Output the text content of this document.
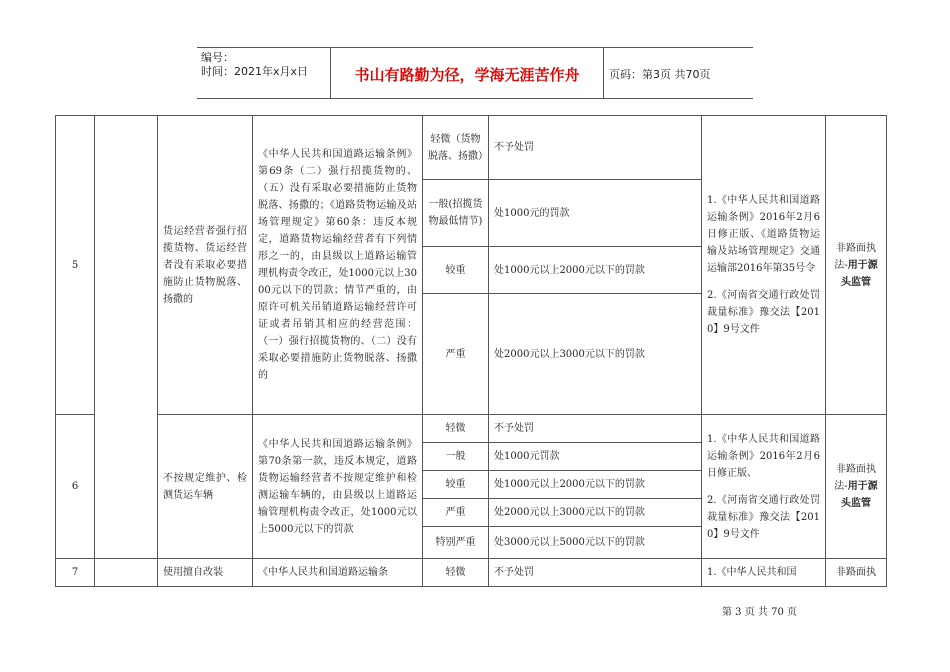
编号：
时间：2021年x月x日	书山有路勤为径，学海无涯苦作舟	页码：第3页 共70页
5		货运经营者强行招揽货物、货运经营者没有采取必要措施防止货物脱落、扬撒的	《中华人民共和国道路运输条例》第69条（二）强行招揽货物的、（五）没有采取必要措施防止货物脱落、扬撒的；《道路货物运输及站场管理规定》第60条：违反本规定，道路货物运输经营者有下列情形之一的，由县级以上道路运输管理机构责令改正，处1000元以上3000元以下的罚款；情节严重的，由原许可机关吊销道路运输经营许可证或者吊销其相应的经营范围：（一）强行招揽货物的、（二）没有采取必要措施防止货物脱落、扬撒的	轻微（货物脱落、扬撒）	不予处罚	1.《中华人民共和国道路运输条例》2016年2月6日修正版、《道路货物运输及站场管理规定》交通运输部2016年第35号令
2.《河南省交通行政处罚裁量标准》豫交法【2010】9号文件	非路面执法-用于源头监管
				一般(招揽货物最低情节)	处1000元的罚款		
				较重	处1000元以上2000元以下的罚款		
				严重	处2000元以上3000元以下的罚款		
6		不按规定维护、检测货运车辆	《中华人民共和国道路运输条例》第70条第一款，违反本规定，道路货物运输经营者不按规定维护和检测运输车辆的，由县级以上道路运输管理机构责令改正，处1000元以上5000元以下的罚款	轻微	不予处罚	1.《中华人民共和国道路运输条例》2016年2月6日修正版、
2.《河南省交通行政处罚裁量标准》豫交法【2010】9号文件	非路面执法-用于源头监管
				一般	处1000元罚款		
				较重	处1000元以上2000元以下的罚款		
				严重	处2000元以上3000元以下的罚款		
				特别严重	处3000元以上5000元以下的罚款		
7		使用擅自改装	《中华人民共和国道路运输条	轻微	不予处罚	1.《中华人民共和国	非路面执
第 3 页 共 70 页
